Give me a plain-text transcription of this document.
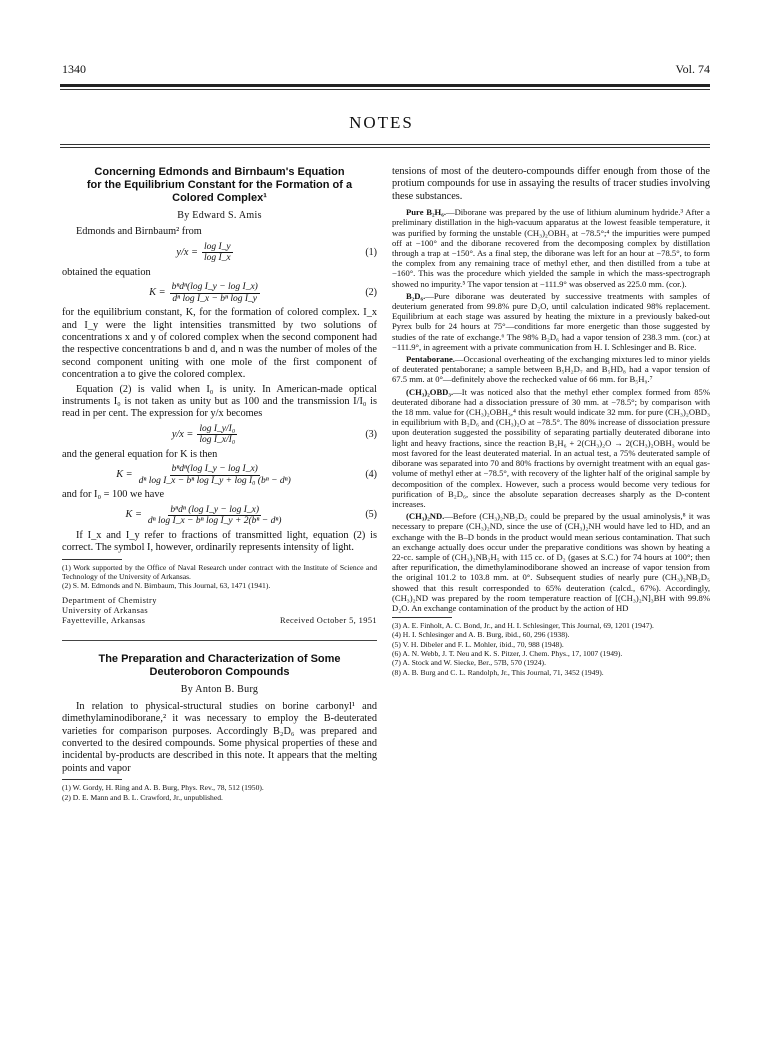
1340	Vol. 74
NOTES

Concerning Edmonds and Birnbaum's Equation

for the Equilibrium Constant for the Formation of a

Colored Complex¹

By Edward S. Amis

Edmonds and Birnbaum² from

$y/x = \frac{\text{log I\_y}}{\text{log I\_x}}$	(1)

obtained the equation

$K = \frac{\text{bⁿdⁿ(log I\_y − log I\_x)}}{\text{dⁿ log I\_x − bⁿ log I\_y}}$	(2)

for the equilibrium constant, K, for the formation of colored complex. I_x and I_y were the light intensities transmitted by two solutions of concentrations x and y of colored complex when the second component had the respective concentrations b and d, and n was the number of moles of the second component uniting with one mole of the first component of concentration a to give the colored complex.

Equation (2) is valid when I₀ is unity. In American-made optical instruments I₀ is not taken as unity but as 100 and the transmission I/I₀ is read in per cent. The expression for y/x becomes

$y/x = \frac{\text{log I\_y/I₀}}{\text{log I\_x/I₀}}$	(3)

and the general equation for K is then

$K = \frac{\text{bⁿdⁿ(log I\_y − log I\_x)}}{\text{dⁿ log I\_x − bⁿ log I\_y + log I₀ (bⁿ − dⁿ)}}$	(4)

and for I₀ = 100 we have

$K = \frac{\text{bⁿdⁿ (log I\_y − log I\_x)}}{\text{dⁿ log I\_x − bⁿ log I\_y + 2(bⁿ − dⁿ)}}$	(5)

If I_x and I_y refer to fractions of transmitted light, equation (2) is correct. The symbol I, however, ordinarily represents intensity of light.

(1) Work supported by the Office of Naval Research under contract with the Institute of Science and Technology of the University of Arkansas.

(2) S. M. Edmonds and N. Birnbaum, This Journal, 63, 1471 (1941).

Department of Chemistry
University of Arkansas
Fayetteville, Arkansas	Received October 5, 1951

The Preparation and Characterization of Some

Deuteroboron Compounds

By Anton B. Burg

In relation to physical-structural studies on borine carbonyl¹ and dimethylaminodiborane,² it was necessary to employ the B-deuterated varieties for comparison purposes. Accordingly B₂D₆ was prepared and converted to the desired compounds. Some physical properties of these and incidental by-products are described in this note. It appears that the melting points and vapor

(1) W. Gordy, H. Ring and A. B. Burg, Phys. Rev., 78, 512 (1950).

(2) D. E. Mann and B. L. Crawford, Jr., unpublished.

tensions of most of the deutero-compounds differ enough from those of the protium compounds for use in assaying the results of tracer studies involving these substances.

Pure B₂H₆.—Diborane was prepared by the use of lithium aluminum hydride.³ After a preliminary distillation in the high-vacuum apparatus at the lowest feasible temperature, it was purified by forming the unstable (CH₃)₂OBH₃ at −78.5°;⁴ the impurities were pumped off at −100° and the diborane recovered from the decomposing complex by distillation through a trap at −150°. As a final step, the diborane was left for an hour at −78.5°, to form the complex from any remaining trace of methyl ether, and then distilled from a tube at −160°. This was the procedure which yielded the sample in which the mass-spectrograph showed no impurity.⁵ The vapor tension at −111.9° was observed as 225.0 mm. (cor.).

B₂D₆.—Pure diborane was deuterated by successive treatments with samples of deuterium generated from 99.8% pure D₂O, until calculation indicated 98% replacement. Equilibrium at each stage was assured by heating the mixture in a previously baked-out Pyrex bulb for 24 hours at 75°—conditions far more energetic than those suggested by studies of the rate of exchange.⁶ The 98% B₂D₆ had a vapor tension of 238.3 mm. (cor.) at −111.9°, in agreement with a private communication from H. I. Schlesinger and B. Rice.

Pentaborane.—Occasional overheating of the exchanging mixtures led to minor yields of deuterated pentaborane; a sample between B₅H₂D₇ and B₅HD₈ had a vapor tension of 67.5 mm. at 0°—definitely above the rechecked value of 66 mm. for B₅H₉.⁷

(CH₃)₂OBD₃.—It was noticed also that the methyl ether complex formed from 85% deuterated diborane had a dissociation pressure of 30 mm. at −78.5°; by comparison with the 18 mm. value for (CH₃)₂OBH₃,⁴ this result would indicate 32 mm. for pure (CH₃)₂OBD₃ in equilibrium with B₂D₆ and (CH₃)₂O at −78.5°. The 80% increase of dissociation pressure upon deuteration suggested the possibility of separating partially deuterated diborane into light and heavy fractions, since the reaction B₂H₆ + 2(CH₃)₂O → 2(CH₃)₂OBH₃ would be most favored for the least deuterated material. In an actual test, a 75% deuterated sample of diborane was separated into 70 and 80% fractions by overnight treatment with an equal gas-volume of methyl ether at −78.5°, with recovery of the lighter half of the original sample by decomposition of the complex. However, such a process would become very tedious for purification of B₂D₆, since the absolute separation decreases sharply as the D-content increases.

(CH₃)₂ND.—Before (CH₃)₂NB₂D₅ could be prepared by the usual aminolysis,⁸ it was necessary to prepare (CH₃)₂ND, since the use of (CH₃)₂NH would have led to HD, and an exchange with the B–D bonds in the product would mean serious contamination. That such an exchange actually does occur under the preparative conditions was shown by heating a 22-cc. sample of (CH₃)₂NB₂H₅ with 115 cc. of D₂ (gases at S.C.) for 74 hours at 100°; then after repurification, the dimethylaminodiborane showed an increase of vapor tension from the original 101.2 to 103.8 mm. at 0°. Subsequent studies of nearly pure (CH₃)₂NB₂D₅ showed that this result corresponded to 65% deuteration (calcd., 67%). Accordingly, (CH₃)₂ND was prepared by the room temperature reaction of [(CH₃)₂N]₃BH with 99.8% D₂O. An exchange contamination of the product by the action of HD

(3) A. E. Finholt, A. C. Bond, Jr., and H. I. Schlesinger, This Journal, 69, 1201 (1947).

(4) H. I. Schlesinger and A. B. Burg, ibid., 60, 296 (1938).

(5) V. H. Dibeler and F. L. Mohler, ibid., 70, 988 (1948).

(6) A. N. Webb, J. T. Neu and K. S. Pitzer, J. Chem. Phys., 17, 1007 (1949).

(7) A. Stock and W. Siecke, Ber., 57B, 570 (1924).

(8) A. B. Burg and C. L. Randolph, Jr., This Journal, 71, 3452 (1949).
